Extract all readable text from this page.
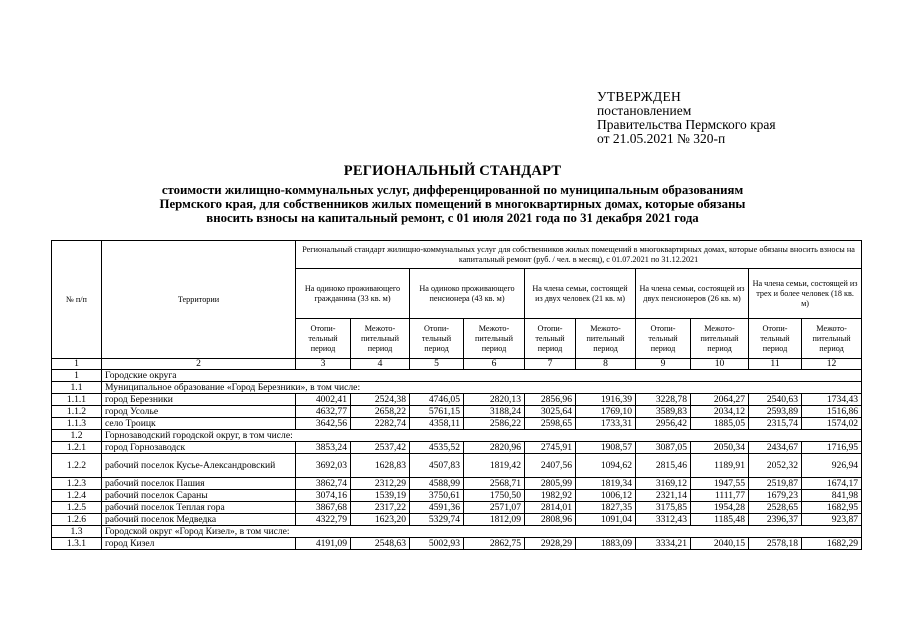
УТВЕРЖДЕН
постановлением
Правительства Пермского края
от 21.05.2021 № 320-п
РЕГИОНАЛЬНЫЙ СТАНДАРТ
стоимости жилищно-коммунальных услуг, дифференцированной по муниципальным образованиям
Пермского края, для собственников жилых помещений в многоквартирных домах, которые обязаны
вносить взносы на капитальный ремонт, с 01 июля 2021 года по 31 декабря 2021 года
№ п/п	Территории	Региональный стандарт жилищно-коммунальных услуг для собственников жилых помещений в многоквартирных домах, которые обязаны вносить взносы на капитальный ремонт (руб. / чел. в месяц), с 01.07.2021 по 31.12.2021									
		На одиноко проживающего гражданина (33 кв. м)		На одиноко проживающего пенсионера (43 кв. м)		На члена семьи, состоящей из двух человек (21 кв. м)		На члена семьи, состоящей из двух пенсионеров (26 кв. м)		На члена семьи, состоящей из трех и более человек (18 кв. м)	
		Отопи- тельный период	Межото- пительный период	Отопи- тельный период	Межото- пительный период	Отопи- тельный период	Межото- пительный период	Отопи- тельный период	Межото- пительный период	Отопи- тельный период	Межото- пительный период
1	2	3	4	5	6	7	8	9	10	11	12
1	Городские округа										
1.1	Муниципальное образование «Город Березники», в том числе:										
1.1.1	город Березники	4002,41	2524,38	4746,05	2820,13	2856,96	1916,39	3228,78	2064,27	2540,63	1734,43
1.1.2	город Усолье	4632,77	2658,22	5761,15	3188,24	3025,64	1769,10	3589,83	2034,12	2593,89	1516,86
1.1.3	село Троицк	3642,56	2282,74	4358,11	2586,22	2598,65	1733,31	2956,42	1885,05	2315,74	1574,02
1.2	Горнозаводский городской округ, в том числе:										
1.2.1	город Горнозаводск	3853,24	2537,42	4535,52	2820,96	2745,91	1908,57	3087,05	2050,34	2434,67	1716,95
1.2.2	рабочий поселок Кусье-Александровский	3692,03	1628,83	4507,83	1819,42	2407,56	1094,62	2815,46	1189,91	2052,32	926,94
1.2.3	рабочий поселок Пашия	3862,74	2312,29	4588,99	2568,71	2805,99	1819,34	3169,12	1947,55	2519,87	1674,17
1.2.4	рабочий поселок Сараны	3074,16	1539,19	3750,61	1750,50	1982,92	1006,12	2321,14	1111,77	1679,23	841,98
1.2.5	рабочий поселок Теплая гора	3867,68	2317,22	4591,36	2571,07	2814,01	1827,35	3175,85	1954,28	2528,65	1682,95
1.2.6	рабочий поселок Медведка	4322,79	1623,20	5329,74	1812,09	2808,96	1091,04	3312,43	1185,48	2396,37	923,87
1.3	Городской округ «Город Кизел», в том числе:										
1.3.1	город Кизел	4191,09	2548,63	5002,93	2862,75	2928,29	1883,09	3334,21	2040,15	2578,18	1682,29
